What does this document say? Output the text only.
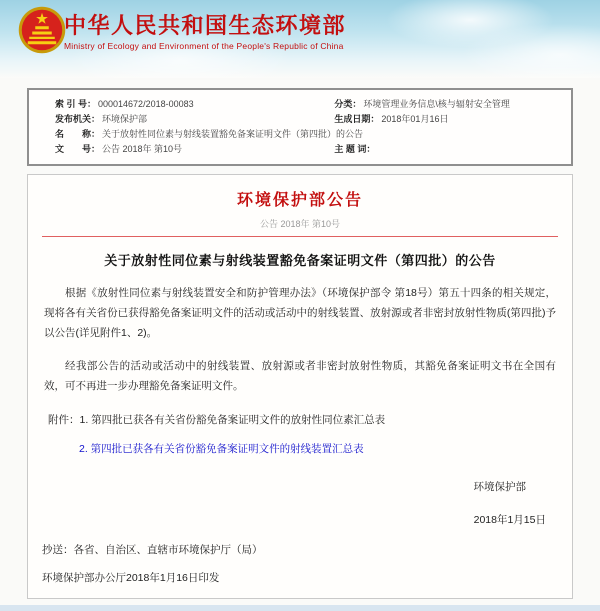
中华人民共和国生态环境部
Ministry of Ecology and Environment of the People's Republic of China
索 引 号： 000014672/2018-00083	分类： 环境管理业务信息\核与辐射安全管理
发布机关： 环境保护部	生成日期： 2018年01月16日
名　　称： 关于放射性同位素与射线装置豁免备案证明文件（第四批）的公告
文　　号： 公告 2018年 第10号	主 题 词：
环境保护部公告
公告 2018年 第10号
关于放射性同位素与射线装置豁免备案证明文件（第四批）的公告

根据《放射性同位素与射线装置安全和防护管理办法》（环境保护部令 第18号）第五十四条的相关规定，现将各有关省份已获得豁免备案证明文件的活动或活动中的射线装置、放射源或者非密封放射性物质(第四批)予以公告(详见附件1、2)。

经我部公告的活动或活动中的射线装置、放射源或者非密封放射性物质，其豁免备案证明文书在全国有效，可不再进一步办理豁免备案证明文件。

附件：1. 第四批已获各有关省份豁免备案证明文件的放射性同位素汇总表
2. 第四批已获各有关省份豁免备案证明文件的射线装置汇总表
环境保护部
2018年1月15日
抄送：各省、自治区、直辖市环境保护厅（局）
环境保护部办公厅2018年1月16日印发
